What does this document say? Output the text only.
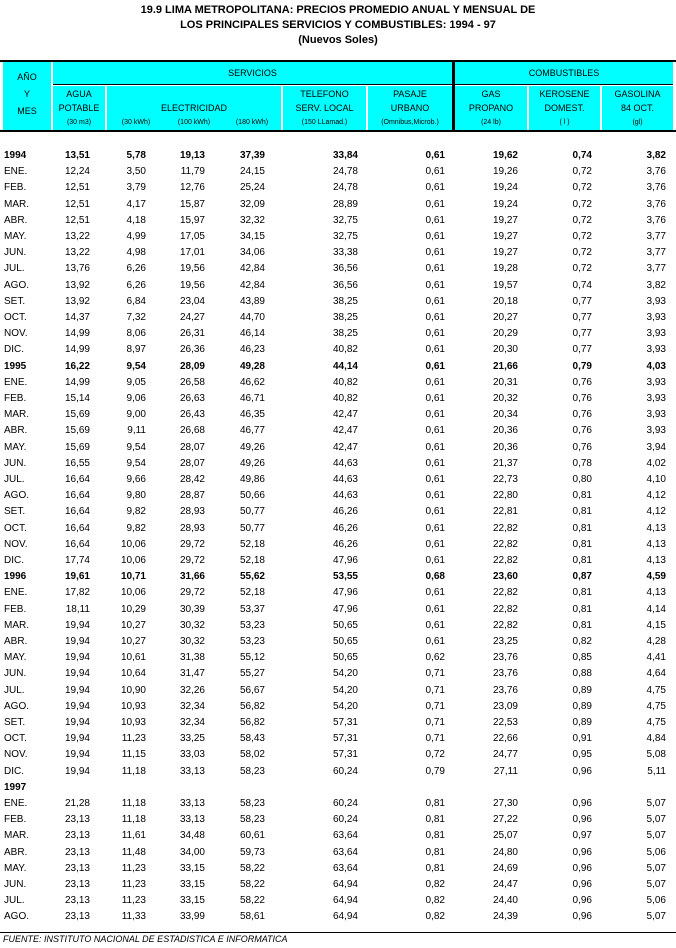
19.9 LIMA METROPOLITANA: PRECIOS PROMEDIO ANUAL Y MENSUAL DE
LOS PRINCIPALES SERVICIOS Y COMBUSTIBLES: 1994 - 97
(Nuevos Soles)
AÑO
Y
MES
SERVICIOS	COMBUSTIBLES
AGUA
POTABLE
(30 m3)
ELECTRICIDAD
(30 kWh)	(100 kWh)	(180 kWh)
TELEFONO
SERV. LOCAL
(150 LLamad.)
PASAJE
URBANO
(Omnibus,Microb.)
GAS
PROPANO
(24 lb)
KEROSENE
DOMEST.
( l )
GASOLINA
84 OCT.
(gl)
1994	13,51	5,78	19,13	37,39	33,84	0,61	19,62	0,74	3,82
ENE.	12,24	3,50	11,79	24,15	24,78	0,61	19,26	0,72	3,76
FEB.	12,51	3,79	12,76	25,24	24,78	0,61	19,24	0,72	3,76
MAR.	12,51	4,17	15,87	32,09	28,89	0,61	19,24	0,72	3,76
ABR.	12,51	4,18	15,97	32,32	32,75	0,61	19,27	0,72	3,76
MAY.	13,22	4,99	17,05	34,15	32,75	0,61	19,27	0,72	3,77
JUN.	13,22	4,98	17,01	34,06	33,38	0,61	19,27	0,72	3,77
JUL.	13,76	6,26	19,56	42,84	36,56	0,61	19,28	0,72	3,77
AGO.	13,92	6,26	19,56	42,84	36,56	0,61	19,57	0,74	3,82
SET.	13,92	6,84	23,04	43,89	38,25	0,61	20,18	0,77	3,93
OCT.	14,37	7,32	24,27	44,70	38,25	0,61	20,27	0,77	3,93
NOV.	14,99	8,06	26,31	46,14	38,25	0,61	20,29	0,77	3,93
DIC.	14,99	8,97	26,36	46,23	40,82	0,61	20,30	0,77	3,93
1995	16,22	9,54	28,09	49,28	44,14	0,61	21,66	0,79	4,03
ENE.	14,99	9,05	26,58	46,62	40,82	0,61	20,31	0,76	3,93
FEB.	15,14	9,06	26,63	46,71	40,82	0,61	20,32	0,76	3,93
MAR.	15,69	9,00	26,43	46,35	42,47	0,61	20,34	0,76	3,93
ABR.	15,69	9,11	26,68	46,77	42,47	0,61	20,36	0,76	3,93
MAY.	15,69	9,54	28,07	49,26	42,47	0,61	20,36	0,76	3,94
JUN.	16,55	9,54	28,07	49,26	44,63	0,61	21,37	0,78	4,02
JUL.	16,64	9,66	28,42	49,86	44,63	0,61	22,73	0,80	4,10
AGO.	16,64	9,80	28,87	50,66	44,63	0,61	22,80	0,81	4,12
SET.	16,64	9,82	28,93	50,77	46,26	0,61	22,81	0,81	4,12
OCT.	16,64	9,82	28,93	50,77	46,26	0,61	22,82	0,81	4,13
NOV.	16,64	10,06	29,72	52,18	46,26	0,61	22,82	0,81	4,13
DIC.	17,74	10,06	29,72	52,18	47,96	0,61	22,82	0,81	4,13
1996	19,61	10,71	31,66	55,62	53,55	0,68	23,60	0,87	4,59
ENE.	17,82	10,06	29,72	52,18	47,96	0,61	22,82	0,81	4,13
FEB.	18,11	10,29	30,39	53,37	47,96	0,61	22,82	0,81	4,14
MAR.	19,94	10,27	30,32	53,23	50,65	0,61	22,82	0,81	4,15
ABR.	19,94	10,27	30,32	53,23	50,65	0,61	23,25	0,82	4,28
MAY.	19,94	10,61	31,38	55,12	50,65	0,62	23,76	0,85	4,41
JUN.	19,94	10,64	31,47	55,27	54,20	0,71	23,76	0,88	4,64
JUL.	19,94	10,90	32,26	56,67	54,20	0,71	23,76	0,89	4,75
AGO.	19,94	10,93	32,34	56,82	54,20	0,71	23,09	0,89	4,75
SET.	19,94	10,93	32,34	56,82	57,31	0,71	22,53	0,89	4,75
OCT.	19,94	11,23	33,25	58,43	57,31	0,71	22,66	0,91	4,84
NOV.	19,94	11,15	33,03	58,02	57,31	0,72	24,77	0,95	5,08
DIC.	19,94	11,18	33,13	58,23	60,24	0,79	27,11	0,96	5,11
1997
ENE.	21,28	11,18	33,13	58,23	60,24	0,81	27,30	0,96	5,07
FEB.	23,13	11,18	33,13	58,23	60,24	0,81	27,22	0,96	5,07
MAR.	23,13	11,61	34,48	60,61	63,64	0,81	25,07	0,97	5,07
ABR.	23,13	11,48	34,00	59,73	63,64	0,81	24,80	0,96	5,06
MAY.	23,13	11,23	33,15	58,22	63,64	0,81	24,69	0,96	5,07
JUN.	23,13	11,23	33,15	58,22	64,94	0,82	24,47	0,96	5,07
JUL.	23,13	11,23	33,15	58,22	64,94	0,82	24,40	0,96	5,06
AGO.	23,13	11,33	33,99	58,61	64,94	0,82	24,39	0,96	5,07
FUENTE: INSTITUTO NACIONAL DE ESTADISTICA E INFORMATICA
